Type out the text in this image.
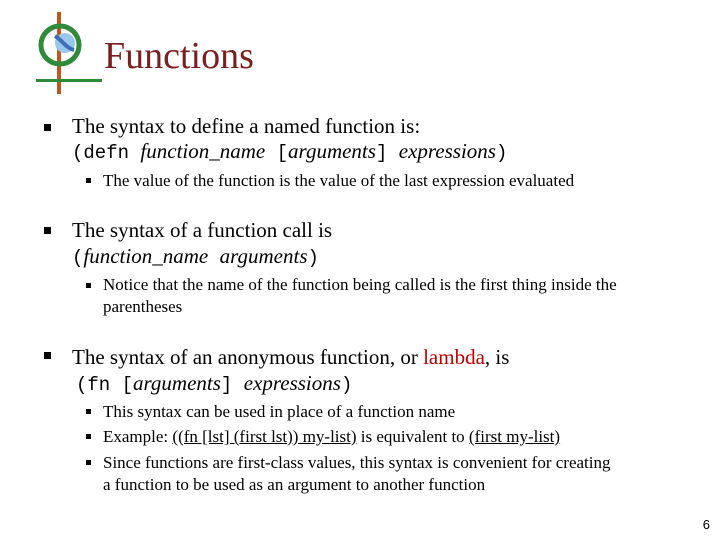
Functions
The syntax to define a named function is:
(defn function_name [arguments] expressions)
The value of the function is the value of the last expression evaluated
The syntax of a function call is
(function_name arguments)
Notice that the name of the function being called is the first thing inside the
parentheses
The syntax of an anonymous function, or lambda, is
(fn [arguments] expressions)
This syntax can be used in place of a function name
Example: ((fn [lst] (first lst)) my-list) is equivalent to (first my-list)
Since functions are first-class values, this syntax is convenient for creating
a function to be used as an argument to another function
6
